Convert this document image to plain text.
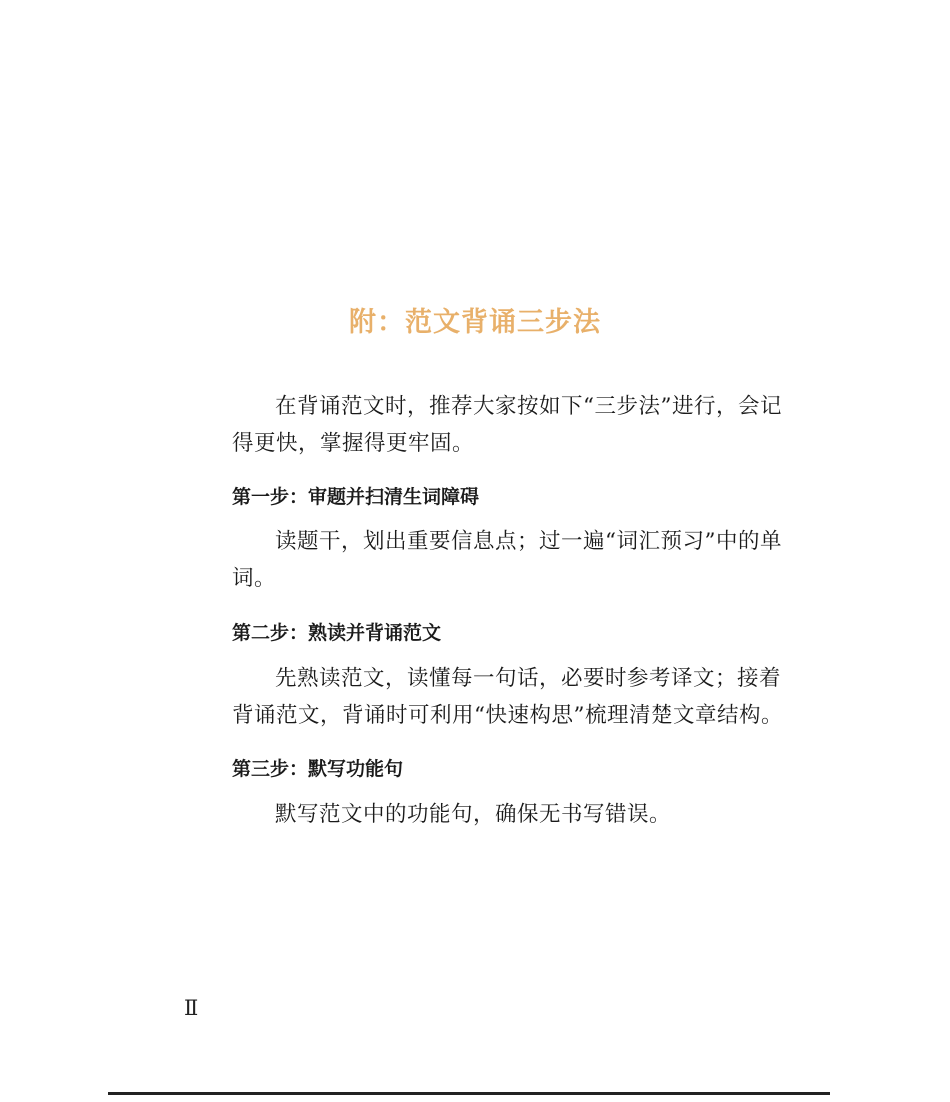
附：范文背诵三步法

在背诵范文时，推荐大家按如下“三步法”进行，会记得更快，掌握得更牢固。

第一步：审题并扫清生词障碍

读题干，划出重要信息点；过一遍“词汇预习”中的单词。

第二步：熟读并背诵范文

先熟读范文，读懂每一句话，必要时参考译文；接着背诵范文，背诵时可利用“快速构思”梳理清楚文章结构。

第三步：默写功能句

默写范文中的功能句，确保无书写错误。

Ⅱ
